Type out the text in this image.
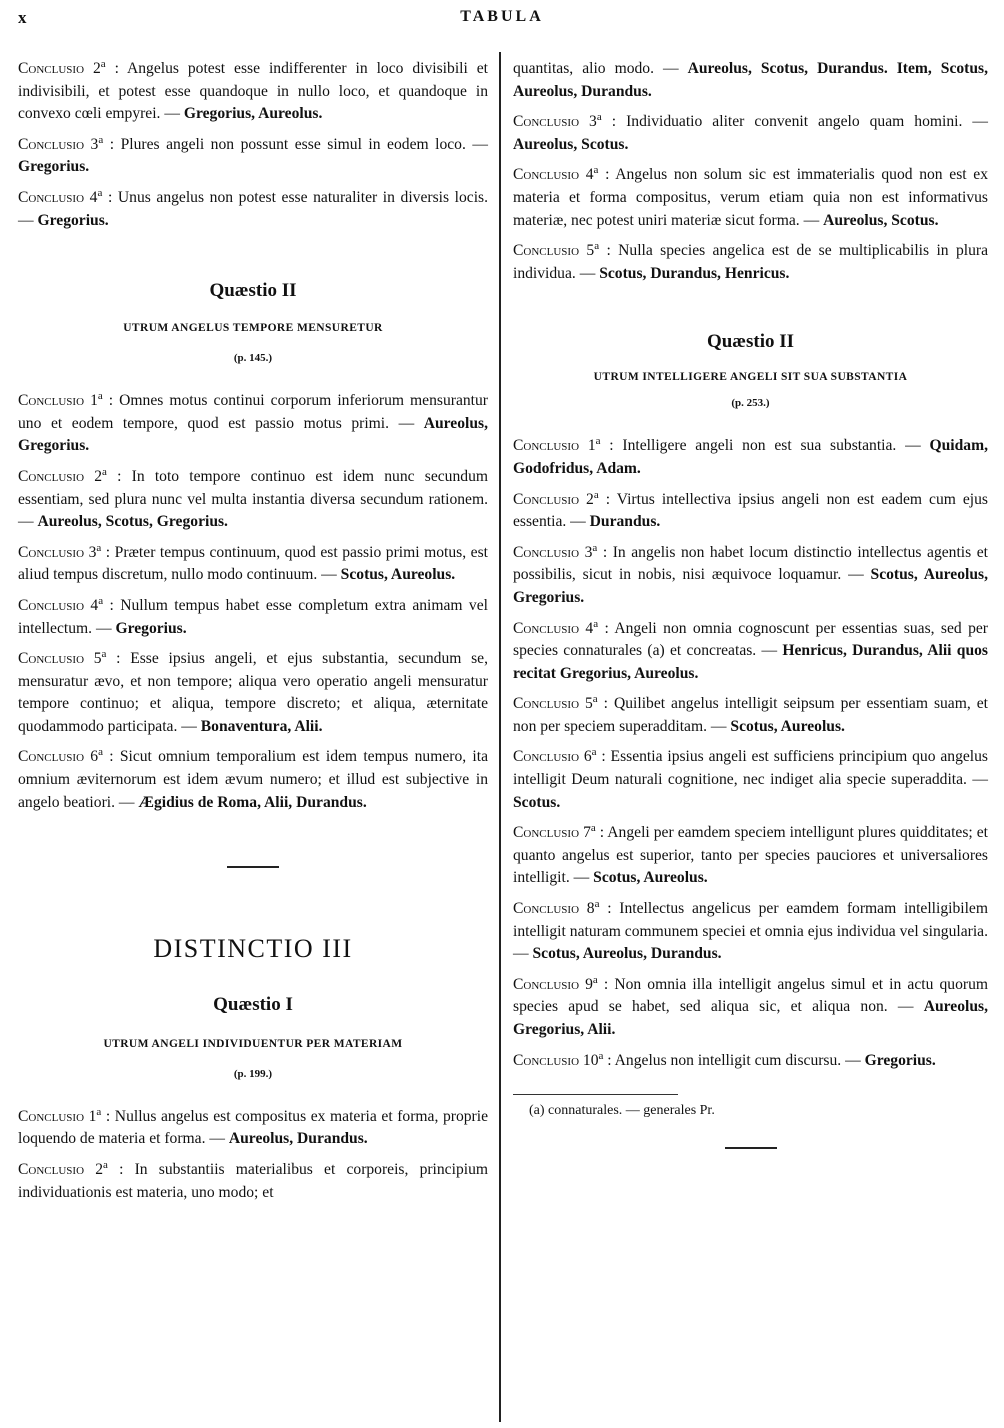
x	TABULA

Conclusio 2$^a$ : Angelus potest esse indifferenter in loco divisibili et indivisibili, et potest esse quandoque in nullo loco, et quandoque in convexo cœli empyrei. — Gregorius, Aureolus.

Conclusio 3$^a$ : Plures angeli non possunt esse simul in eodem loco. — Gregorius.

Conclusio 4$^a$ : Unus angelus non potest esse naturaliter in diversis locis. — Gregorius.

Quæstio II
UTRUM ANGELUS TEMPORE MENSURETUR
(p. 145.)

Conclusio 1$^a$ : Omnes motus continui corporum inferiorum mensurantur uno et eodem tempore, quod est passio motus primi. — Aureolus, Gregorius.

Conclusio 2$^a$ : In toto tempore continuo est idem nunc secundum essentiam, sed plura nunc vel multa instantia diversa secundum rationem. — Aureolus, Scotus, Gregorius.

Conclusio 3$^a$ : Præter tempus continuum, quod est passio primi motus, est aliud tempus discretum, nullo modo continuum. — Scotus, Aureolus.

Conclusio 4$^a$ : Nullum tempus habet esse completum extra animam vel intellectum. — Gregorius.

Conclusio 5$^a$ : Esse ipsius angeli, et ejus substantia, secundum se, mensuratur ævo, et non tempore; aliqua vero operatio angeli mensuratur tempore continuo; et aliqua, tempore discreto; et aliqua, æternitate quodammodo participata. — Bonaventura, Alii.

Conclusio 6$^a$ : Sicut omnium temporalium est idem tempus numero, ita omnium æviternorum est idem ævum numero; et illud est subjective in angelo beatiori. — Ægidius de Roma, Alii, Durandus.

DISTINCTIO III
Quæstio I
UTRUM ANGELI INDIVIDUENTUR PER MATERIAM
(p. 199.)

Conclusio 1$^a$ : Nullus angelus est compositus ex materia et forma, proprie loquendo de materia et forma. — Aureolus, Durandus.

Conclusio 2$^a$ : In substantiis materialibus et corporeis, principium individuationis est materia, uno modo; et

quantitas, alio modo. — Aureolus, Scotus, Durandus. Item, Scotus, Aureolus, Durandus.

Conclusio 3$^a$ : Individuatio aliter convenit angelo quam homini. — Aureolus, Scotus.

Conclusio 4$^a$ : Angelus non solum sic est immaterialis quod non est ex materia et forma compositus, verum etiam quia non est informativus materiæ, nec potest uniri materiæ sicut forma. — Aureolus, Scotus.

Conclusio 5$^a$ : Nulla species angelica est de se multiplicabilis in plura individua. — Scotus, Durandus, Henricus.

Quæstio II
UTRUM INTELLIGERE ANGELI SIT SUA SUBSTANTIA
(p. 253.)

Conclusio 1$^a$ : Intelligere angeli non est sua substantia. — Quidam, Godofridus, Adam.

Conclusio 2$^a$ : Virtus intellectiva ipsius angeli non est eadem cum ejus essentia. — Durandus.

Conclusio 3$^a$ : In angelis non habet locum distinctio intellectus agentis et possibilis, sicut in nobis, nisi æquivoce loquamur. — Scotus, Aureolus, Gregorius.

Conclusio 4$^a$ : Angeli non omnia cognoscunt per essentias suas, sed per species connaturales (a) et concreatas. — Henricus, Durandus, Alii quos recitat Gregorius, Aureolus.

Conclusio 5$^a$ : Quilibet angelus intelligit seipsum per essentiam suam, et non per speciem superadditam. — Scotus, Aureolus.

Conclusio 6$^a$ : Essentia ipsius angeli est sufficiens principium quo angelus intelligit Deum naturali cognitione, nec indiget alia specie superaddita. — Scotus.

Conclusio 7$^a$ : Angeli per eamdem speciem intelligunt plures quidditates; et quanto angelus est superior, tanto per species pauciores et universaliores intelligit. — Scotus, Aureolus.

Conclusio 8$^a$ : Intellectus angelicus per eamdem formam intelligibilem intelligit naturam communem speciei et omnia ejus individua vel singularia. — Scotus, Aureolus, Durandus.

Conclusio 9$^a$ : Non omnia illa intelligit angelus simul et in actu quorum species apud se habet, sed aliqua sic, et aliqua non. — Aureolus, Gregorius, Alii.

Conclusio 10$^a$ : Angelus non intelligit cum discursu. — Gregorius.

(a) connaturales. — generales Pr.
